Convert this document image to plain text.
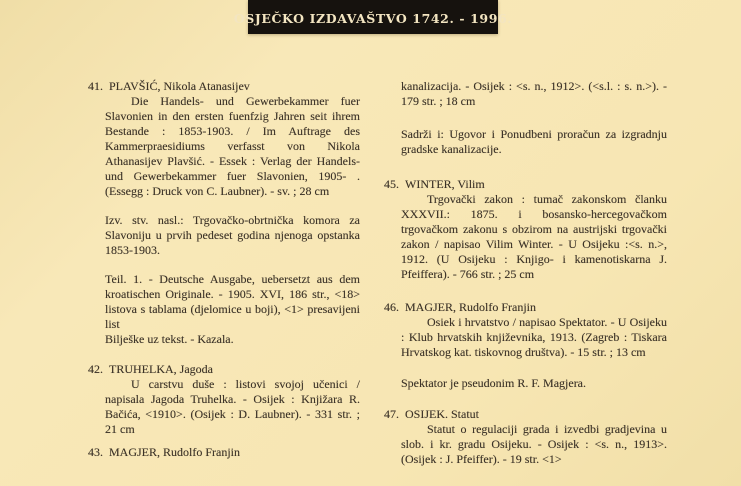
OSJEČKO IZDAVAŠTVO 1742. - 1996.
41. PLAVŠIĆ, Nikola Atanasijev

Die Handels- und Gewerbekammer fuer Slavonien in den ersten fuenfzig Jahren seit ihrem Bestande : 1853-1903. / Im Auftrage des Kammerpraesidiums verfasst von Nikola Athanasijev Plavšić. - Essek : Verlag der Handels-und Gewerbekammer fuer Slavonien, 1905- . (Essegg : Druck von C. Laubner). - sv. ; 28 cm

Izv. stv. nasl.: Trgovačko-obrtnička komora za Slavoniju u prvih pedeset godina njenoga opstanka 1853-1903.

Teil. 1. - Deutsche Ausgabe, uebersetzt aus dem kroatischen Originale. - 1905. XVI, 186 str., <18> listova s tablama (djelomice u boji), <1> presavijeni list

Bilješke uz tekst. - Kazala.

42. TRUHELKA, Jagoda

U carstvu duše : listovi svojoj učenici / napisala Jagoda Truhelka. - Osijek : Knjižara R. Bačića, <1910>. (Osijek : D. Laubner). - 331 str. ; 21 cm

43. MAGJER, Rudolfo Franjin

kanalizacija. - Osijek : <s. n., 1912>. (<s.l. : s. n.>). - 179 str. ; 18 cm

Sadrži i: Ugovor i Ponudbeni proračun za izgradnju gradske kanalizacije.

45. WINTER, Vilim

Trgovački zakon : tumač zakonskom članku XXXVII.: 1875. i bosansko-hercegovačkom trgovačkom zakonu s obzirom na austrijski trgovački zakon / napisao Vilim Winter. - U Osijeku :<s. n.>, 1912. (U Osijeku : Knjigo- i kamenotiskarna J. Pfeiffera). - 766 str. ; 25 cm

46. MAGJER, Rudolfo Franjin

Osiek i hrvatstvo / napisao Spektator. - U Osijeku : Klub hrvatskih književnika, 1913. (Zagreb : Tiskara Hrvatskog kat. tiskovnog društva). - 15 str. ; 13 cm

Spektator je pseudonim R. F. Magjera.

47. OSIJEK. Statut

Statut o regulaciji grada i izvedbi gradjevina u slob. i kr. gradu Osijeku. - Osijek : <s. n., 1913>. (Osijek : J. Pfeiffer). - 19 str. <1>
